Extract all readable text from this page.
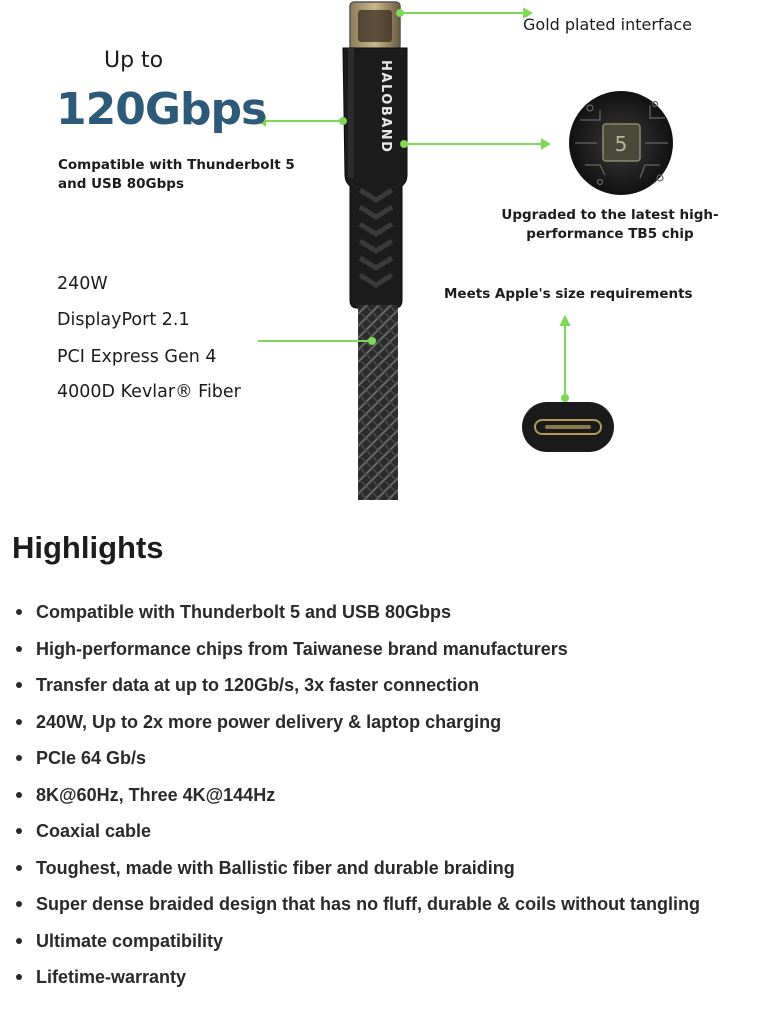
HALOBAND	5
Up to
120Gbps
Compatible with Thunderbolt 5 and USB 80Gbps
240W
DisplayPort 2.1
PCI Express Gen 4
4000D Kevlar® Fiber
Gold plated interface
Upgraded to the latest high-performance TB5 chip
Meets Apple's size requirements
Highlights
Compatible with Thunderbolt 5 and USB 80Gbps
High-performance chips from Taiwanese brand manufacturers
Transfer data at up to 120Gb/s, 3x faster connection
240W, Up to 2x more power delivery & laptop charging
PCIe 64 Gb/s
8K@60Hz, Three 4K@144Hz
Coaxial cable
Toughest, made with Ballistic fiber and durable braiding
Super dense braided design that has no fluff, durable & coils without tangling
Ultimate compatibility
Lifetime-warranty
